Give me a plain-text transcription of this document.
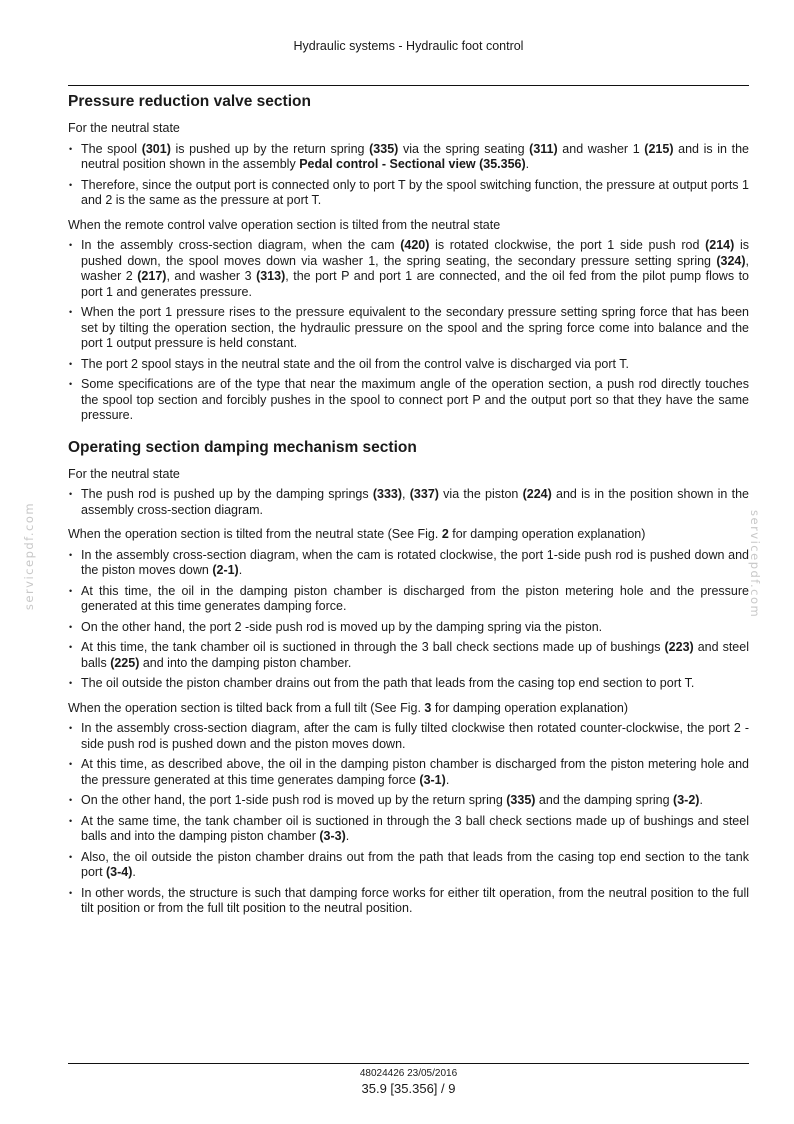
Hydraulic systems - Hydraulic foot control
Pressure reduction valve section

For the neutral state

• The spool (301) is pushed up by the return spring (335) via the spring seating (311) and washer 1 (215) and is in the neutral position shown in the assembly Pedal control - Sectional view (35.356).
• Therefore, since the output port is connected only to port T by the spool switching function, the pressure at output ports 1 and 2 is the same as the pressure at port T.

When the remote control valve operation section is tilted from the neutral state

• In the assembly cross-section diagram, when the cam (420) is rotated clockwise, the port 1 side push rod (214) is pushed down, the spool moves down via washer 1, the spring seating, the secondary pressure setting spring (324), washer 2 (217), and washer 3 (313), the port P and port 1 are connected, and the oil fed from the pilot pump flows to port 1 and generates pressure.
• When the port 1 pressure rises to the pressure equivalent to the secondary pressure setting spring force that has been set by tilting the operation section, the hydraulic pressure on the spool and the spring force come into balance and the port 1 output pressure is held constant.
• The port 2 spool stays in the neutral state and the oil from the control valve is discharged via port T.
• Some specifications are of the type that near the maximum angle of the operation section, a push rod directly touches the spool top section and forcibly pushes in the spool to connect port P and the output port so that they have the same pressure.
Operating section damping mechanism section

For the neutral state

• The push rod is pushed up by the damping springs (333), (337) via the piston (224) and is in the position shown in the assembly cross-section diagram.

When the operation section is tilted from the neutral state (See Fig. 2 for damping operation explanation)

• In the assembly cross-section diagram, when the cam is rotated clockwise, the port 1-side push rod is pushed down and the piston moves down (2-1).
• At this time, the oil in the damping piston chamber is discharged from the piston metering hole and the pressure generated at this time generates damping force.
• On the other hand, the port 2 -side push rod is moved up by the damping spring via the piston.
• At this time, the tank chamber oil is suctioned in through the 3 ball check sections made up of bushings (223) and steel balls (225) and into the damping piston chamber.
• The oil outside the piston chamber drains out from the path that leads from the casing top end section to port T.

When the operation section is tilted back from a full tilt (See Fig. 3 for damping operation explanation)

• In the assembly cross-section diagram, after the cam is fully tilted clockwise then rotated counter-clockwise, the port 2 -side push rod is pushed down and the piston moves down.
• At this time, as described above, the oil in the damping piston chamber is discharged from the piston metering hole and the pressure generated at this time generates damping force (3-1).
• On the other hand, the port 1-side push rod is moved up by the return spring (335) and the damping spring (3-2).
• At the same time, the tank chamber oil is suctioned in through the 3 ball check sections made up of bushings and steel balls and into the damping piston chamber (3-3).
• Also, the oil outside the piston chamber drains out from the path that leads from the casing top end section to the tank port (3-4).
• In other words, the structure is such that damping force works for either tilt operation, from the neutral position to the full tilt position or from the full tilt position to the neutral position.
48024426 23/05/2016
35.9 [35.356] / 9
servicepdf.com	servicepdf.com
